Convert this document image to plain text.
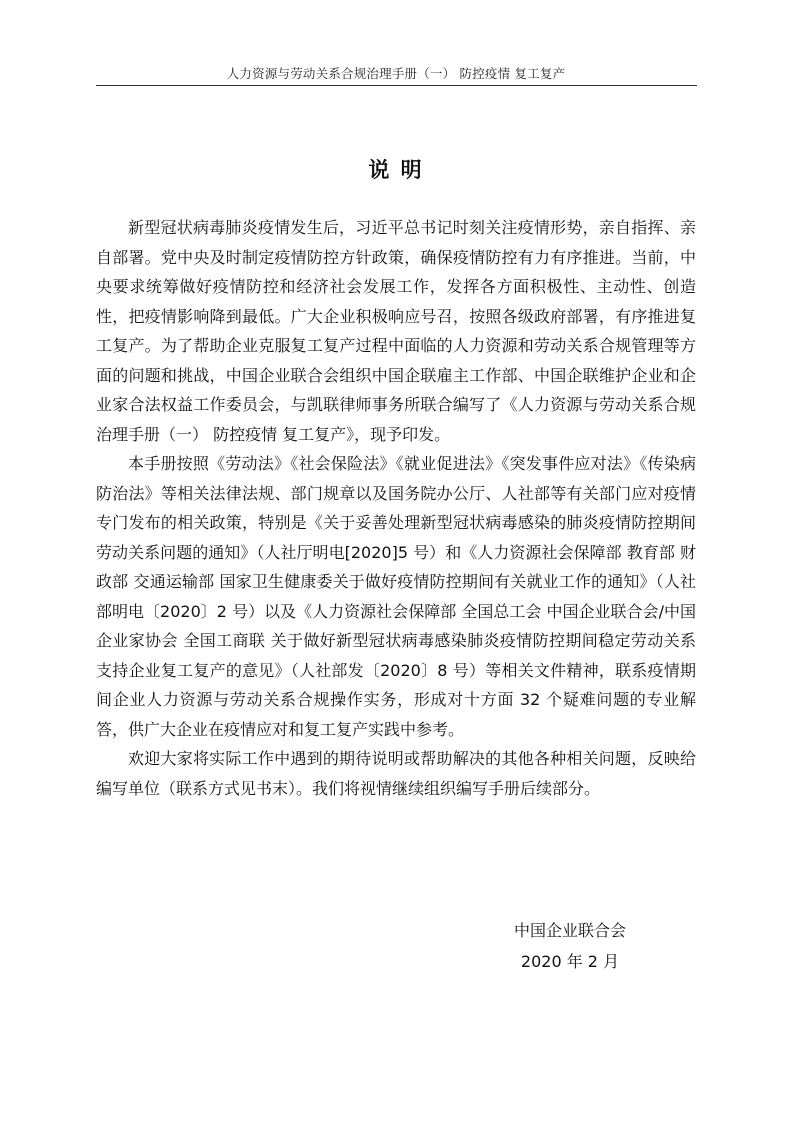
人力资源与劳动关系合规治理手册（一） 防控疫情 复工复产
说 明

新型冠状病毒肺炎疫情发生后，习近平总书记时刻关注疫情形势，亲自指挥、亲自部署。党中央及时制定疫情防控方针政策，确保疫情防控有力有序推进。当前，中央要求统筹做好疫情防控和经济社会发展工作，发挥各方面积极性、主动性、创造性，把疫情影响降到最低。广大企业积极响应号召，按照各级政府部署，有序推进复工复产。为了帮助企业克服复工复产过程中面临的人力资源和劳动关系合规管理等方面的问题和挑战，中国企业联合会组织中国企联雇主工作部、中国企联维护企业和企业家合法权益工作委员会，与凯联律师事务所联合编写了《人力资源与劳动关系合规治理手册（一） 防控疫情 复工复产》，现予印发。

本手册按照《劳动法》《社会保险法》《就业促进法》《突发事件应对法》《传染病防治法》等相关法律法规、部门规章以及国务院办公厅、人社部等有关部门应对疫情专门发布的相关政策，特别是《关于妥善处理新型冠状病毒感染的肺炎疫情防控期间劳动关系问题的通知》（人社厅明电[2020]5 号）和《人力资源社会保障部 教育部 财政部 交通运输部 国家卫生健康委关于做好疫情防控期间有关就业工作的通知》（人社部明电〔2020〕2 号）以及《人力资源社会保障部 全国总工会 中国企业联合会/中国企业家协会 全国工商联 关于做好新型冠状病毒感染肺炎疫情防控期间稳定劳动关系支持企业复工复产的意见》（人社部发〔2020〕8 号）等相关文件精神，联系疫情期间企业人力资源与劳动关系合规操作实务，形成对十方面 32 个疑难问题的专业解答，供广大企业在疫情应对和复工复产实践中参考。

欢迎大家将实际工作中遇到的期待说明或帮助解决的其他各种相关问题，反映给编写单位（联系方式见书末）。我们将视情继续组织编写手册后续部分。

中国企业联合会
2020 年 2 月
